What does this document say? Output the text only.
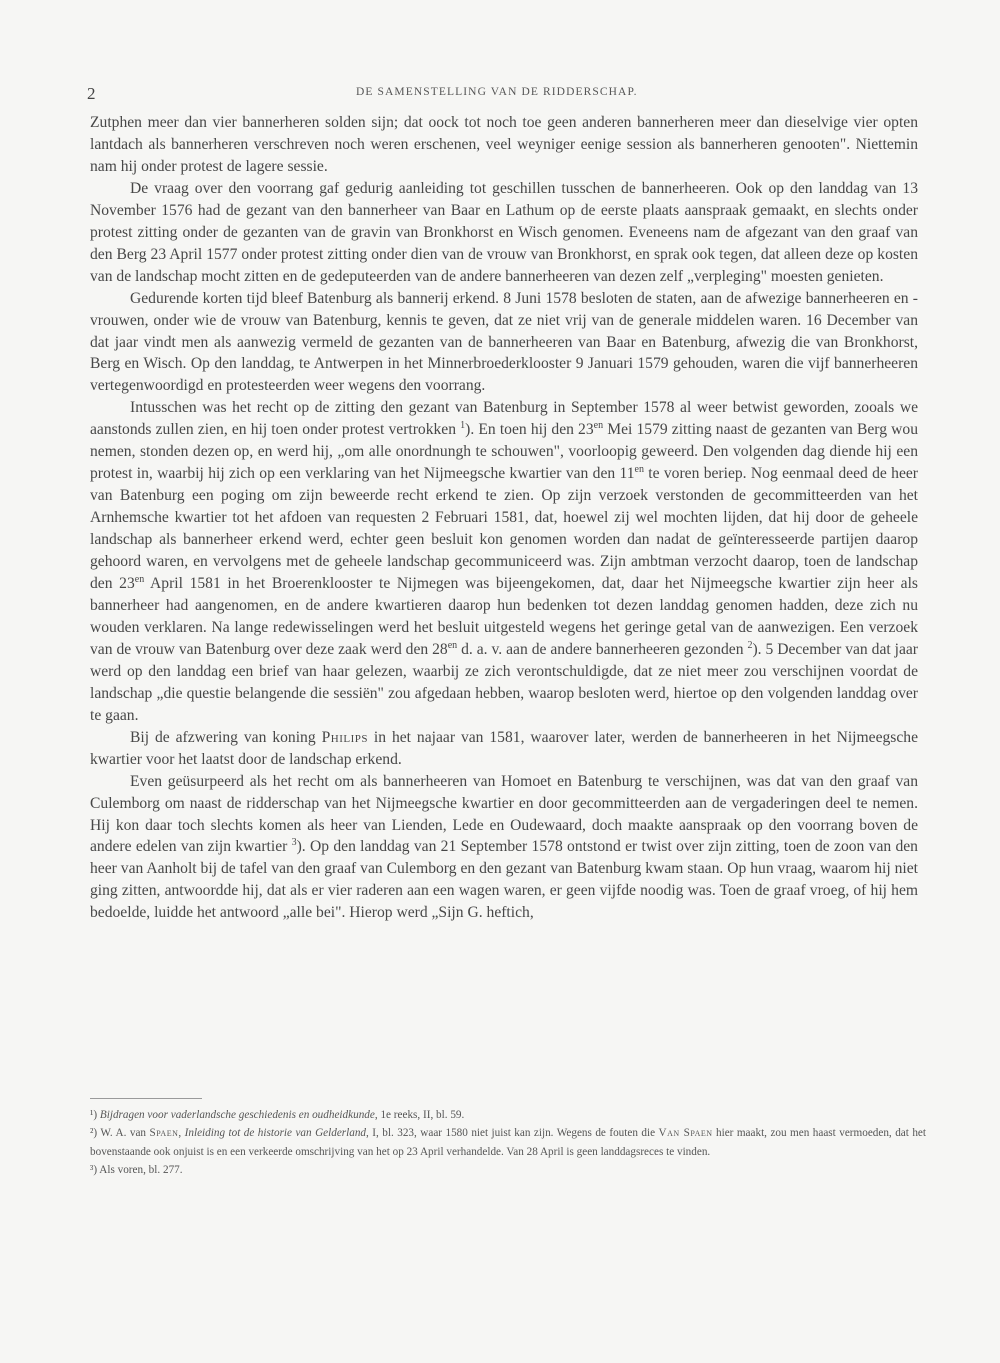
2	DE SAMENSTELLING VAN DE RIDDERSCHAP.

Zutphen meer dan vier bannerheren solden sijn; dat oock tot noch toe geen anderen bannerheren meer dan dieselvige vier opten lantdach als bannerheren verschreven noch weren erschenen, veel weyniger eenige session als bannerheren genooten". Niettemin nam hij onder protest de lagere sessie.

De vraag over den voorrang gaf gedurig aanleiding tot geschillen tusschen de bannerheeren. Ook op den landdag van 13 November 1576 had de gezant van den bannerheer van Baar en Lathum op de eerste plaats aanspraak gemaakt, en slechts onder protest zitting onder de gezanten van de gravin van Bronkhorst en Wisch genomen. Eveneens nam de afgezant van den graaf van den Berg 23 April 1577 onder protest zitting onder dien van de vrouw van Bronkhorst, en sprak ook tegen, dat alleen deze op kosten van de landschap mocht zitten en de gedeputeerden van de andere bannerheeren van dezen zelf „verpleging" moesten genieten.

Gedurende korten tijd bleef Batenburg als bannerij erkend. 8 Juni 1578 besloten de staten, aan de afwezige bannerheeren en -vrouwen, onder wie de vrouw van Batenburg, kennis te geven, dat ze niet vrij van de generale middelen waren. 16 December van dat jaar vindt men als aanwezig vermeld de gezanten van de bannerheeren van Baar en Batenburg, afwezig die van Bronkhorst, Berg en Wisch. Op den landdag, te Antwerpen in het Minnerbroederklooster 9 Januari 1579 gehouden, waren die vijf bannerheeren vertegenwoordigd en protesteerden weer wegens den voorrang.

Intusschen was het recht op de zitting den gezant van Batenburg in September 1578 al weer betwist geworden, zooals we aanstonds zullen zien, en hij toen onder protest vertrokken $^1$). En toen hij den $23^{en}$ Mei 1579 zitting naast de gezanten van Berg wou nemen, stonden dezen op, en werd hij, „om alle onordnungh te schouwen", voorloopig geweerd. Den volgenden dag diende hij een protest in, waarbij hij zich op een verklaring van het Nijmeegsche kwartier van den $11^{en}$ te voren beriep. Nog eenmaal deed de heer van Batenburg een poging om zijn beweerde recht erkend te zien. Op zijn verzoek verstonden de gecommitteerden van het Arnhemsche kwartier tot het afdoen van requesten 2 Februari 1581, dat, hoewel zij wel mochten lijden, dat hij door de geheele landschap als bannerheer erkend werd, echter geen besluit kon genomen worden dan nadat de geïnteresseerde partijen daarop gehoord waren, en vervolgens met de geheele landschap gecommuniceerd was. Zijn ambtman verzocht daarop, toen de landschap den $23^{en}$ April 1581 in het Broerenklooster te Nijmegen was bijeengekomen, dat, daar het Nijmeegsche kwartier zijn heer als bannerheer had aangenomen, en de andere kwartieren daarop hun bedenken tot dezen landdag genomen hadden, deze zich nu wouden verklaren. Na lange redewisselingen werd het besluit uitgesteld wegens het geringe getal van de aanwezigen. Een verzoek van de vrouw van Batenburg over deze zaak werd den $28^{en}$ d. a. v. aan de andere bannerheeren gezonden $^2$). 5 December van dat jaar werd op den landdag een brief van haar gelezen, waarbij ze zich verontschuldigde, dat ze niet meer zou verschijnen voordat de landschap „die questie belangende die sessiën" zou afgedaan hebben, waarop besloten werd, hiertoe op den volgenden landdag over te gaan.

Bij de afzwering van koning Philips in het najaar van 1581, waarover later, werden de bannerheeren in het Nijmeegsche kwartier voor het laatst door de landschap erkend.

Even geüsurpeerd als het recht om als bannerheeren van Homoet en Batenburg te verschijnen, was dat van den graaf van Culemborg om naast de ridderschap van het Nijmeegsche kwartier en door gecommitteerden aan de vergaderingen deel te nemen. Hij kon daar toch slechts komen als heer van Lienden, Lede en Oudewaard, doch maakte aanspraak op den voorrang boven de andere edelen van zijn kwartier $^3$). Op den landdag van 21 September 1578 ontstond er twist over zijn zitting, toen de zoon van den heer van Aanholt bij de tafel van den graaf van Culemborg en den gezant van Batenburg kwam staan. Op hun vraag, waarom hij niet ging zitten, antwoordde hij, dat als er vier raderen aan een wagen waren, er geen vijfde noodig was. Toen de graaf vroeg, of hij hem bedoelde, luidde het antwoord „alle bei". Hierop werd „Sijn G. heftich,

¹) Bijdragen voor vaderlandsche geschiedenis en oudheidkunde, 1e reeks, II, bl. 59.

²) W. A. van Spaen, Inleiding tot de historie van Gelderland, I, bl. 323, waar 1580 niet juist kan zijn. Wegens de fouten die Van Spaen hier maakt, zou men haast vermoeden, dat het bovenstaande ook onjuist is en een verkeerde omschrijving van het op 23 April verhandelde. Van 28 April is geen landdagsreces te vinden.

³) Als voren, bl. 277.
